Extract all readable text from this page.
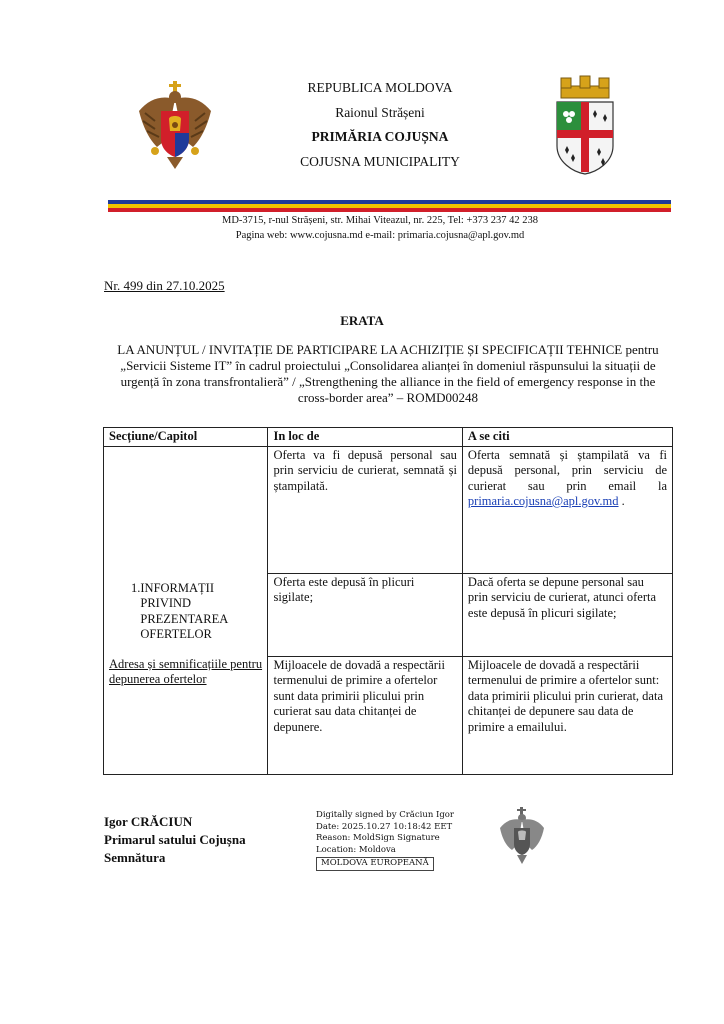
REPUBLICA MOLDOVA
Raionul Strășeni
PRIMĂRIA COJUȘNA
COJUSNA MUNICIPALITY
MD-3715, r-nul Strășeni, str. Mihai Viteazul, nr. 225, Tel: +373 237 42 238
Pagina web: www.cojusna.md e-mail: primaria.cojusna@apl.gov.md
Nr. 499 din 27.10.2025
ERATA
LA ANUNȚUL / INVITAȚIE DE PARTICIPARE LA ACHIZIȚIE ȘI SPECIFICAȚII TEHNICE pentru „Servicii Sisteme IT” în cadrul proiectului „Consolidarea alianței în domeniul răspunsului la situații de urgență în zona transfrontalieră” / „Strengthening the alliance in the field of emergency response in the cross-border area” – ROMD00248
Secțiune/Capitol	In loc de	A se citi

1. INFORMAȚII PRIVIND PREZENTAREA OFERTELOR
Adresa și semnificațiile pentru depunerea ofertelor	Oferta va fi depusă personal sau prin serviciu de curierat, semnată și ștampilată.	Oferta semnată și ștampilată va fi depusă personal, prin serviciu de curierat sau prin email la primaria.cojusna@apl.gov.md .
	Oferta este depusă în plicuri sigilate;	Dacă oferta se depune personal sau prin serviciu de curierat, atunci oferta este depusă în plicuri sigilate;
	Mijloacele de dovadă a respectării termenului de primire a ofertelor sunt data primirii plicului prin curierat sau data chitanței de depunere.	Mijloacele de dovadă a respectării termenului de primire a ofertelor sunt: data primirii plicului prin curierat, data chitanței de depunere sau data de primire a emailului.
Igor CRĂCIUN
Primarul satului Cojușna
Semnătura
Digitally signed by Crăciun Igor
Date: 2025.10.27 10:18:42 EET
Reason: MoldSign Signature
Location: Moldova
MOLDOVA EUROPEANĂ
